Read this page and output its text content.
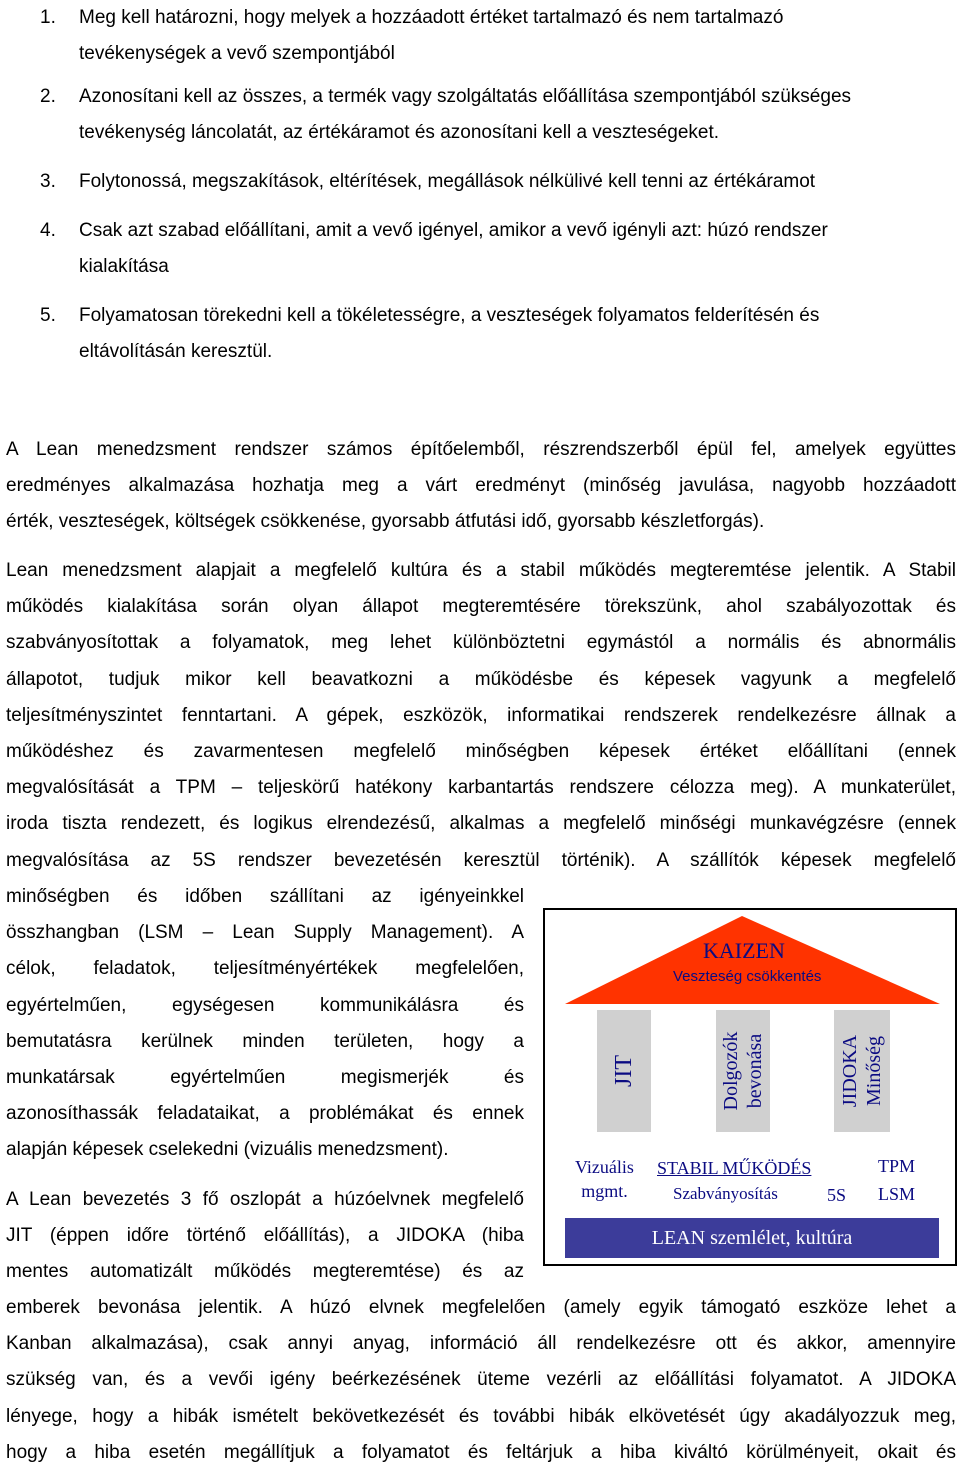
1.	Meg kell határozni, hogy melyek a hozzáadott értéket tartalmazó és nem tartalmazó
tevékenységek a vevő szempontjából
2.	Azonosítani kell az összes, a termék vagy szolgáltatás előállítása szempontjából szükséges
tevékenység láncolatát, az értékáramot és azonosítani kell a veszteségeket.
3.	Folytonossá, megszakítások, eltérítések, megállások nélkülivé kell tenni az értékáramot
4.	Csak azt szabad előállítani, amit a vevő igényel, amikor a vevő igényli azt: húzó rendszer
kialakítása
5.	Folyamatosan törekedni kell a tökéletességre, a veszteségek folyamatos felderítésén és
eltávolításán keresztül.
A Lean menedzsment rendszer számos építőelemből, részrendszerből épül fel, amelyek együttes
eredményes alkalmazása hozhatja meg a várt eredményt (minőség javulása, nagyobb hozzáadott
érték, veszteségek, költségek csökkenése, gyorsabb átfutási idő, gyorsabb készletforgás).
Lean menedzsment alapjait a megfelelő kultúra és a stabil működés megteremtése jelentik. A Stabil
működés kialakítása során olyan állapot megteremtésére törekszünk, ahol szabályozottak és
szabványosítottak a folyamatok, meg lehet különböztetni egymástól a normális és abnormális
állapotot, tudjuk mikor kell beavatkozni a működésbe és képesek vagyunk a megfelelő
teljesítményszintet fenntartani. A gépek, eszközök, informatikai rendszerek rendelkezésre állnak a
működéshez és zavarmentesen megfelelő minőségben képesek értéket előállítani (ennek
megvalósítását a TPM – teljeskörű hatékony karbantartás rendszere célozza meg). A munkaterület,
iroda tiszta rendezett, és logikus elrendezésű, alkalmas a megfelelő minőségi munkavégzésre (ennek
megvalósítása az 5S rendszer bevezetésén keresztül történik). A szállítók képesek megfelelő
minőségben és időben szállítani az igényeinkkel
összhangban (LSM – Lean Supply Management). A
célok, feladatok, teljesítményértékek megfelelően,
egyértelműen, egységesen kommunikálásra és
bemutatásra kerülnek minden területen, hogy a
munkatársak egyértelműen megismerjék és
azonosíthassák feladataikat, a problémákat és ennek
alapján képesek cselekedni (vizuális menedzsment).
A Lean bevezetés 3 fő oszlopát a húzóelvnek megfelelő
JIT (éppen időre történő előállítás), a JIDOKA (hiba
mentes automatizált működés megteremtése) és az
emberek bevonása jelentik. A húzó elvnek megfelelően (amely egyik támogató eszköze lehet a
Kanban alkalmazása), csak annyi anyag, információ áll rendelkezésre ott és akkor, amennyire
szükség van, és a vevői igény beérkezésének üteme vezérli az előállítási folyamatot. A JIDOKA
lényege, hogy a hibák ismételt bekövetkezését és további hibák elkövetését úgy akadályozzuk meg,
hogy a hiba esetén megállítjuk a folyamatot és feltárjuk a hiba kiváltó körülményeit, okait és
KAIZEN
Veszteség csökkentés
JIT	Dolgozók bevonása	JIDOKA Minőség
Vizuális
mgmt.
STABIL MŰKÖDÉS
Szabványosítás	5S
TPM
LSM
LEAN szemlélet, kultúra
